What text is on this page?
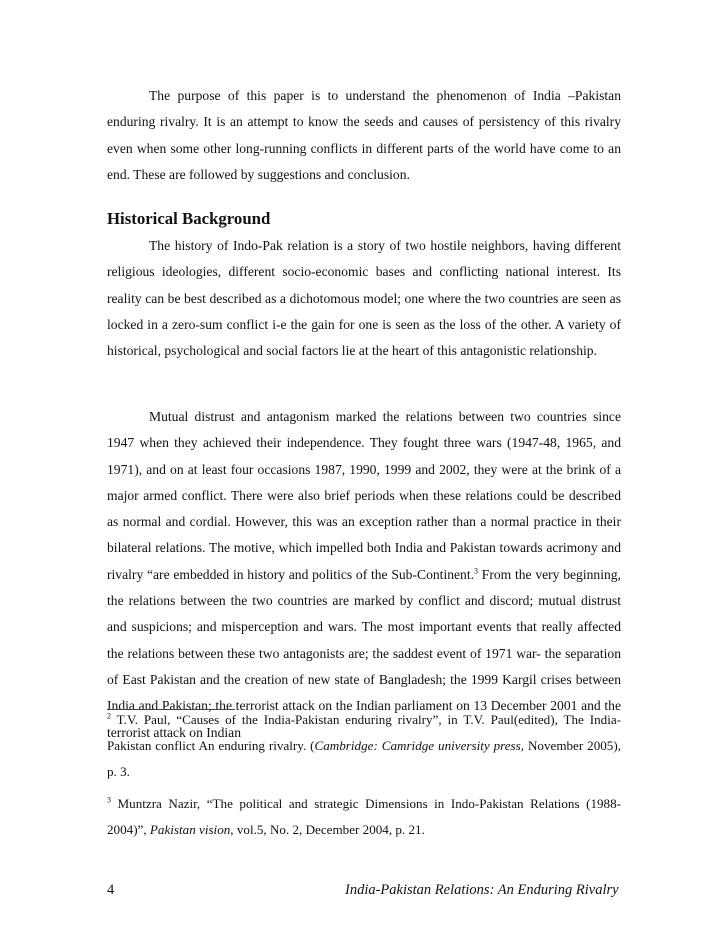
The purpose of this paper is to understand the phenomenon of India –Pakistan enduring rivalry. It is an attempt to know the seeds and causes of persistency of this rivalry even when some other long-running conflicts in different parts of the world have come to an end. These are followed by suggestions and conclusion.

Historical Background

The history of Indo-Pak relation is a story of two hostile neighbors, having different religious ideologies, different socio-economic bases and conflicting national interest. Its reality can be best described as a dichotomous model; one where the two countries are seen as locked in a zero-sum conflict i-e the gain for one is seen as the loss of the other. A variety of historical, psychological and social factors lie at the heart of this antagonistic relationship.

Mutual distrust and antagonism marked the relations between two countries since 1947 when they achieved their independence. They fought three wars (1947-48, 1965, and 1971), and on at least four occasions 1987, 1990, 1999 and 2002, they were at the brink of a major armed conflict. There were also brief periods when these relations could be described as normal and cordial. However, this was an exception rather than a normal practice in their bilateral relations. The motive, which impelled both India and Pakistan towards acrimony and rivalry “are embedded in history and politics of the Sub-Continent.$^3$ From the very beginning, the relations between the two countries are marked by conflict and discord; mutual distrust and suspicions; and misperception and wars. The most important events that really affected the relations between these two antagonists are; the saddest event of 1971 war- the separation of East Pakistan and the creation of new state of Bangladesh; the 1999 Kargil crises between India and Pakistan; the terrorist attack on the Indian parliament on 13 December 2001 and the terrorist attack on Indian

$^2$ T.V. Paul, “Causes of the India-Pakistan enduring rivalry”, in T.V. Paul(edited), The India-Pakistan conflict An enduring rivalry. (Cambridge: Camridge university press, November 2005), p. 3.

$^3$ Muntzra Nazir, “The political and strategic Dimensions in Indo-Pakistan Relations (1988-2004)”, Pakistan vision, vol.5, No. 2, December 2004, p. 21.

4	India-Pakistan Relations: An Enduring Rivalry
